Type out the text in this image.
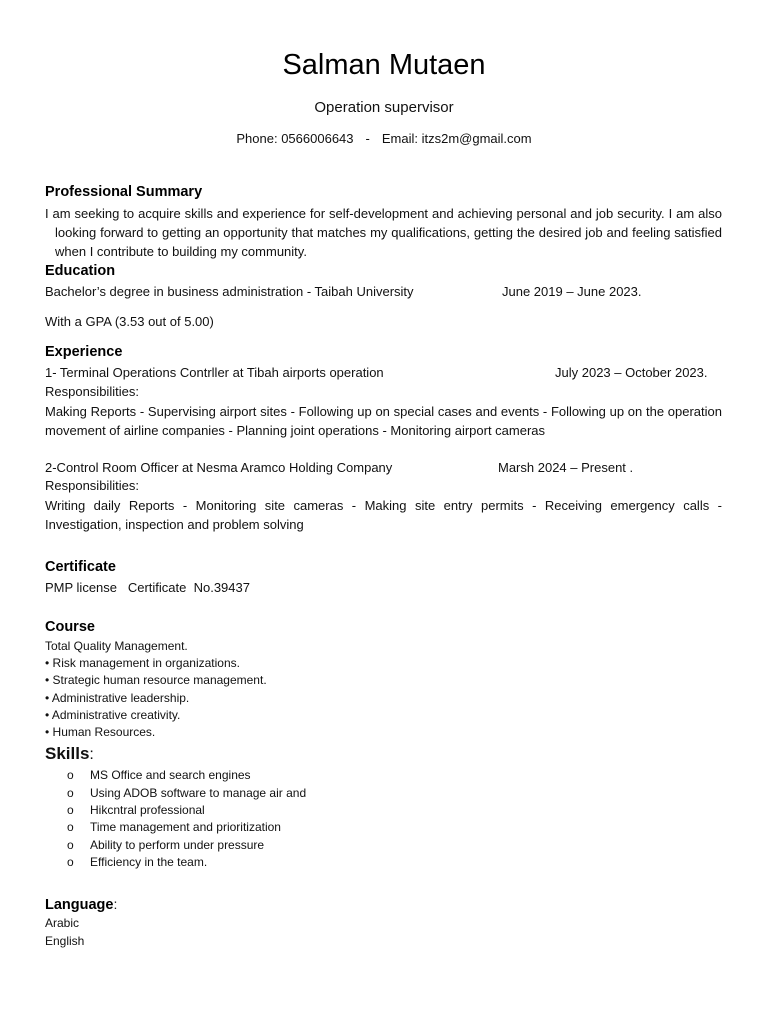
Salman Mutaen
Operation supervisor
Phone: 0566006643 - Email: itzs2m@gmail.com
Professional Summary
I am seeking to acquire skills and experience for self-development and achieving personal and job security. I am also looking forward to getting an opportunity that matches my qualifications, getting the desired job and feeling satisfied when I contribute to building my community.
Education
Bachelor’s degree in business administration - Taibah University	June 2019 – June 2023.
With a GPA (3.53 out of 5.00)
Experience
1- Terminal Operations Contrller at Tibah airports operation	July 2023 – October 2023.
Responsibilities:
Making Reports - Supervising airport sites - Following up on special cases and events - Following up on the operation movement of airline companies - Planning joint operations - Monitoring airport cameras
2-Control Room Officer at Nesma Aramco Holding Company	Marsh 2024 – Present .
Responsibilities:
Writing daily Reports - Monitoring site cameras - Making site entry permits - Receiving emergency calls - Investigation, inspection and problem solving
Certificate
PMP license   Certificate  No.39437
Course
Total Quality Management.
• Risk management in organizations.
• Strategic human resource management.
• Administrative leadership.
• Administrative creativity.
• Human Resources.
Skills:
o MS Office and search engines
o Using ADOB software to manage air and
o Hikcntral professional
o Time management and prioritization
o Ability to perform under pressure
o Efficiency in the team.
Language:
Arabic
English
